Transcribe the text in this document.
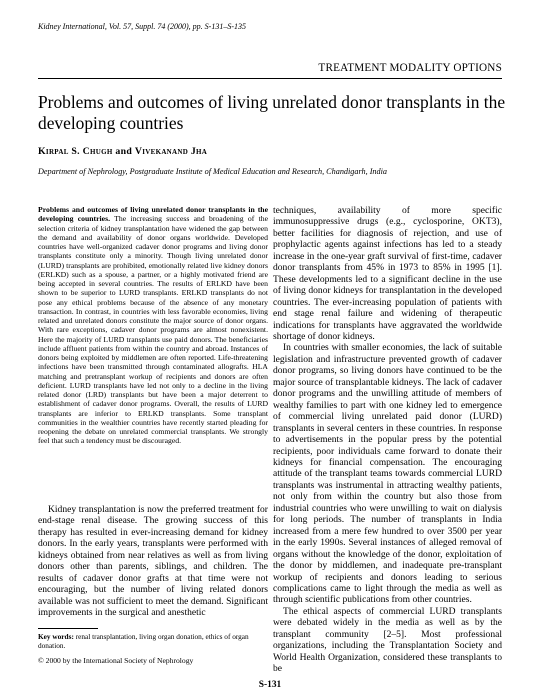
Kidney International, Vol. 57, Suppl. 74 (2000), pp. S-131–S-135
TREATMENT MODALITY OPTIONS
Problems and outcomes of living unrelated donor transplants in the developing countries
Kirpal S. Chugh and Vivekanand Jha
Department of Nephrology, Postgraduate Institute of Medical Education and Research, Chandigarh, India

Problems and outcomes of living unrelated donor transplants in the developing countries. The increasing success and broadening of the selection criteria of kidney transplantation have widened the gap between the demand and availability of donor organs worldwide. Developed countries have well-organized cadaver donor programs and living donor transplants constitute only a minority. Though living unrelated donor (LURD) transplants are prohibited, emotionally related live kidney donors (ERLKD) such as a spouse, a partner, or a highly motivated friend are being accepted in several countries. The results of ERLKD have been shown to be superior to LURD transplants. ERLKD transplants do not pose any ethical problems because of the absence of any monetary transaction. In contrast, in countries with less favorable economies, living related and unrelated donors constitute the major source of donor organs. With rare exceptions, cadaver donor programs are almost nonexistent. Here the majority of LURD transplants use paid donors. The beneficiaries include affluent patients from within the country and abroad. Instances of donors being exploited by middlemen are often reported. Life-threatening infections have been transmitted through contaminated allografts. HLA matching and pretransplant workup of recipients and donors are often deficient. LURD transplants have led not only to a decline in the living related donor (LRD) transplants but have been a major deterrent to establishment of cadaver donor programs. Overall, the results of LURD transplants are inferior to ERLKD transplants. Some transplant communities in the wealthier countries have recently started pleading for reopening the debate on unrelated commercial transplants. We strongly feel that such a tendency must be discouraged.

Kidney transplantation is now the preferred treatment for end-stage renal disease. The growing success of this therapy has resulted in ever-increasing demand for kidney donors. In the early years, transplants were performed with kidneys obtained from near relatives as well as from living donors other than parents, siblings, and children. The results of cadaver donor grafts at that time were not encouraging, but the number of living related donors available was not sufficient to meet the demand. Significant improvements in the surgical and anesthetic

techniques, availability of more specific immunosuppressive drugs (e.g., cyclosporine, OKT3), better facilities for diagnosis of rejection, and use of prophylactic agents against infections has led to a steady increase in the one-year graft survival of first-time, cadaver donor transplants from 45% in 1973 to 85% in 1995 [1]. These developments led to a significant decline in the use of living donor kidneys for transplantation in the developed countries. The ever-increasing population of patients with end stage renal failure and widening of therapeutic indications for transplants have aggravated the worldwide shortage of donor kidneys.

In countries with smaller economies, the lack of suitable legislation and infrastructure prevented growth of cadaver donor programs, so living donors have continued to be the major source of transplantable kidneys. The lack of cadaver donor programs and the unwilling attitude of members of wealthy families to part with one kidney led to emergence of commercial living unrelated paid donor (LURD) transplants in several centers in these countries. In response to advertisements in the popular press by the potential recipients, poor individuals came forward to donate their kidneys for financial compensation. The encouraging attitude of the transplant teams towards commercial LURD transplants was instrumental in attracting wealthy patients, not only from within the country but also those from industrial countries who were unwilling to wait on dialysis for long periods. The number of transplants in India increased from a mere few hundred to over 3500 per year in the early 1990s. Several instances of alleged removal of organs without the knowledge of the donor, exploitation of the donor by middlemen, and inadequate pre-transplant workup of recipients and donors leading to serious complications came to light through the media as well as through scientific publications from other countries.

The ethical aspects of commercial LURD transplants were debated widely in the media as well as by the transplant community [2–5]. Most professional organizations, including the Transplantation Society and World Health Organization, considered these transplants to be

Key words: renal transplantation, living organ donation, ethics of organ donation.
© 2000 by the International Society of Nephrology
S-131
